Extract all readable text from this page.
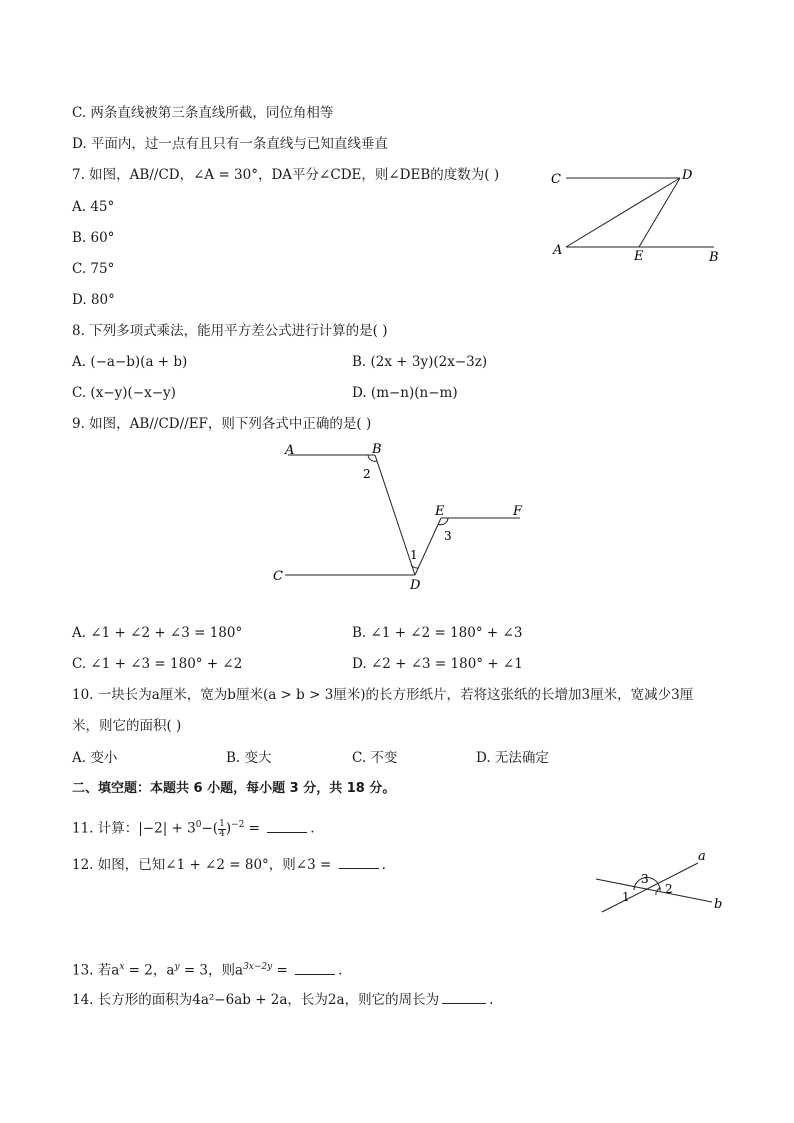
C. 两条直线被第三条直线所截，同位角相等
D. 平面内，过一点有且只有一条直线与已知直线垂直
7. 如图，AB//CD，∠A = 30°，DA平分∠CDE，则∠DEB的度数为( )
A. 45°
B. 60°
C. 75°
D. 80°
C	D
A	E	B
8. 下列多项式乘法，能用平方差公式进行计算的是( )
A. (−a−b)(a + b)	B. (2x + 3y)(2x−3z)
C. (x−y)(−x−y)	D. (m−n)(n−m)
9. 如图，AB//CD//EF，则下列各式中正确的是( )
A	B
2
E	F
3
1
C
D
A. ∠1 + ∠2 + ∠3 = 180°	B. ∠1 + ∠2 = 180° + ∠3
C. ∠1 + ∠3 = 180° + ∠2	D. ∠2 + ∠3 = 180° + ∠1
10. 一块长为a厘米，宽为b厘米(a > b > 3厘米)的长方形纸片，若将这张纸的长增加3厘米，宽减少3厘
米，则它的面积( )
A. 变小	B. 变大	C. 不变	D. 无法确定
二、填空题：本题共 6 小题，每小题 3 分，共 18 分。
11. 计算：$|-2| + 3^0-( \frac{1}{4} )^{-2}$ =	.
12. 如图，已知∠1 + ∠2 = 80°，则∠3 =	.
a
b
3
2
1
13. 若$a^x = 2$，$a^y = 3$，则$a^{3x-2y}$ =	.
14. 长方形的面积为4a²−6ab + 2a，长为2a，则它的周长为	.
